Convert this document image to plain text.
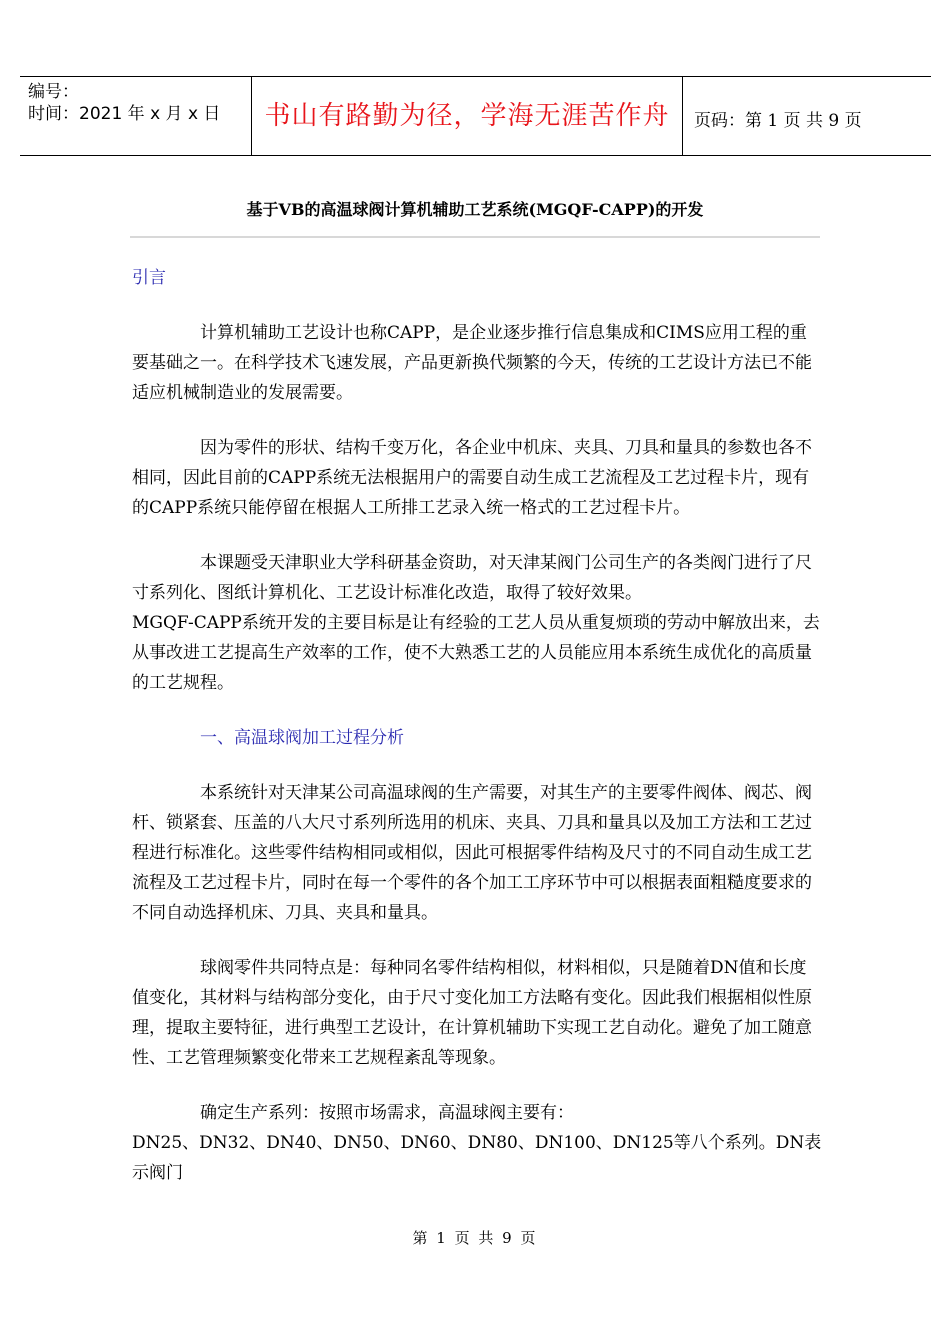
编号：
时间：2021 年 x 月 x 日	书山有路勤为径，学海无涯苦作舟	页码：第 1 页 共 9 页
基于VB的高温球阀计算机辅助工艺系统(MGQF-CAPP)的开发

引言

计算机辅助工艺设计也称CAPP，是企业逐步推行信息集成和CIMS应用工程的重要基础之一。在科学技术飞速发展，产品更新换代频繁的今天，传统的工艺设计方法已不能适应机械制造业的发展需要。

因为零件的形状、结构千变万化，各企业中机床、夹具、刀具和量具的参数也各不相同，因此目前的CAPP系统无法根据用户的需要自动生成工艺流程及工艺过程卡片，现有的CAPP系统只能停留在根据人工所排工艺录入统一格式的工艺过程卡片。

本课题受天津职业大学科研基金资助，对天津某阀门公司生产的各类阀门进行了尺寸系列化、图纸计算机化、工艺设计标准化改造，取得了较好效果。

MGQF-CAPP系统开发的主要目标是让有经验的工艺人员从重复烦琐的劳动中解放出来，去从事改进工艺提高生产效率的工作，使不大熟悉工艺的人员能应用本系统生成优化的高质量的工艺规程。

一、高温球阀加工过程分析

本系统针对天津某公司高温球阀的生产需要，对其生产的主要零件阀体、阀芯、阀杆、锁紧套、压盖的八大尺寸系列所选用的机床、夹具、刀具和量具以及加工方法和工艺过程进行标准化。这些零件结构相同或相似，因此可根据零件结构及尺寸的不同自动生成工艺流程及工艺过程卡片，同时在每一个零件的各个加工工序环节中可以根据表面粗糙度要求的不同自动选择机床、刀具、夹具和量具。

球阀零件共同特点是：每种同名零件结构相似，材料相似，只是随着DN值和长度值变化，其材料与结构部分变化，由于尺寸变化加工方法略有变化。因此我们根据相似性原理，提取主要特征，进行典型工艺设计，在计算机辅助下实现工艺自动化。避免了加工随意性、工艺管理频繁变化带来工艺规程紊乱等现象。

确定生产系列：按照市场需求，高温球阀主要有：

DN25、DN32、DN40、DN50、DN60、DN80、DN100、DN125等八个系列。DN表示阀门

第 1 页 共 9 页
